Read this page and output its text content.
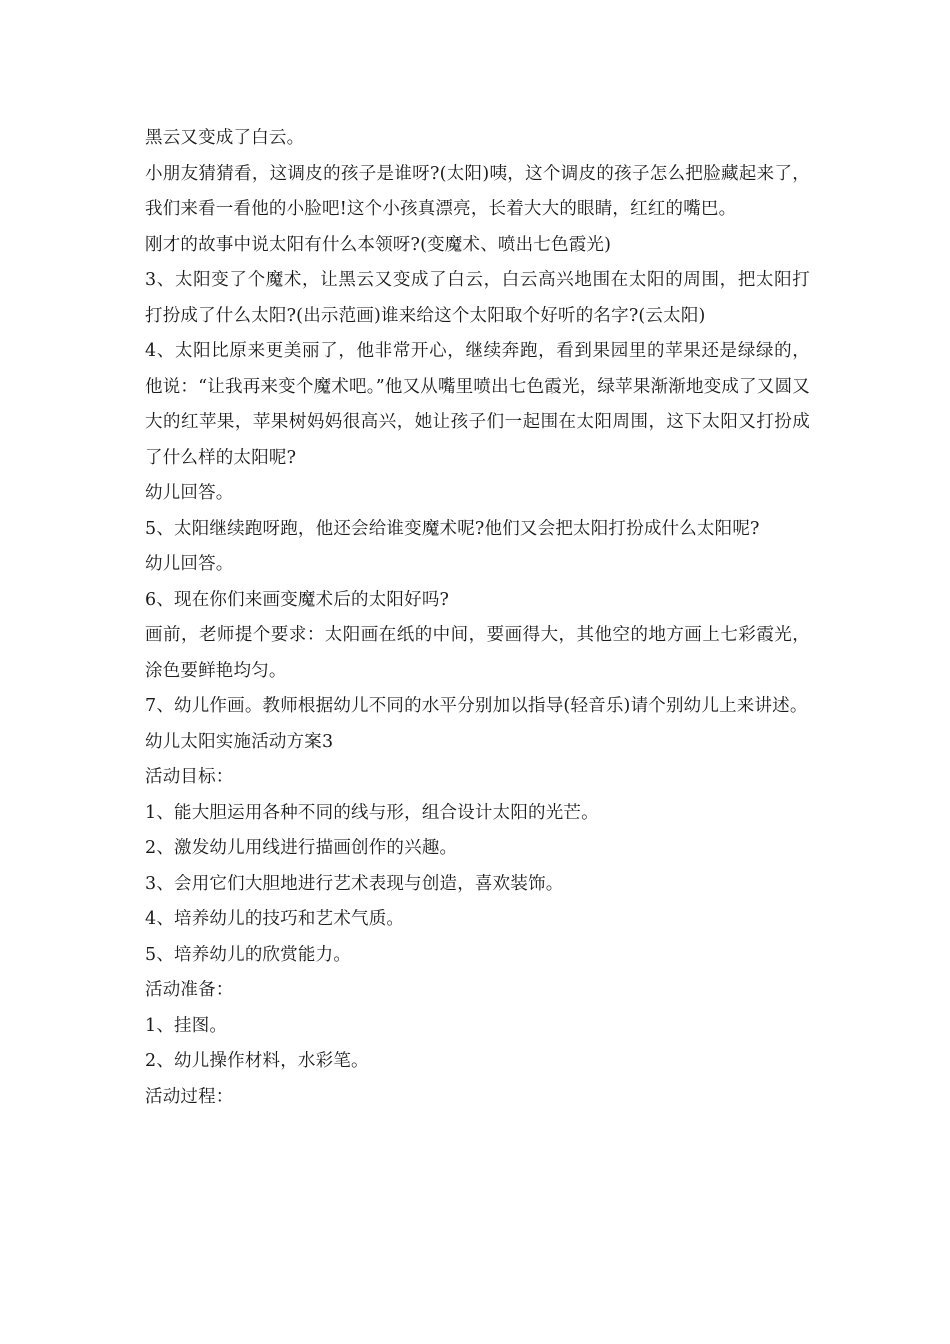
黑云又变成了白云。

小朋友猜猜看，这调皮的孩子是谁呀?(太阳)咦，这个调皮的孩子怎么把脸藏起来了，我们来看一看他的小脸吧!这个小孩真漂亮，长着大大的眼睛，红红的嘴巴。

刚才的故事中说太阳有什么本领呀?(变魔术、喷出七色霞光)

3、太阳变了个魔术，让黑云又变成了白云，白云高兴地围在太阳的周围，把太阳打打扮成了什么太阳?(出示范画)谁来给这个太阳取个好听的名字?(云太阳)

4、太阳比原来更美丽了，他非常开心，继续奔跑，看到果园里的苹果还是绿绿的，他说：“让我再来变个魔术吧。”他又从嘴里喷出七色霞光，绿苹果渐渐地变成了又圆又大的红苹果，苹果树妈妈很高兴，她让孩子们一起围在太阳周围，这下太阳又打扮成了什么样的太阳呢?

幼儿回答。

5、太阳继续跑呀跑，他还会给谁变魔术呢?他们又会把太阳打扮成什么太阳呢?

幼儿回答。

6、现在你们来画变魔术后的太阳好吗?

画前，老师提个要求：太阳画在纸的中间，要画得大，其他空的地方画上七彩霞光，涂色要鲜艳均匀。

7、幼儿作画。教师根据幼儿不同的水平分别加以指导(轻音乐)请个别幼儿上来讲述。

幼儿太阳实施活动方案3

活动目标：

1、能大胆运用各种不同的线与形，组合设计太阳的光芒。

2、激发幼儿用线进行描画创作的兴趣。

3、会用它们大胆地进行艺术表现与创造，喜欢装饰。

4、培养幼儿的技巧和艺术气质。

5、培养幼儿的欣赏能力。

活动准备：

1、挂图。

2、幼儿操作材料，水彩笔。

活动过程：
